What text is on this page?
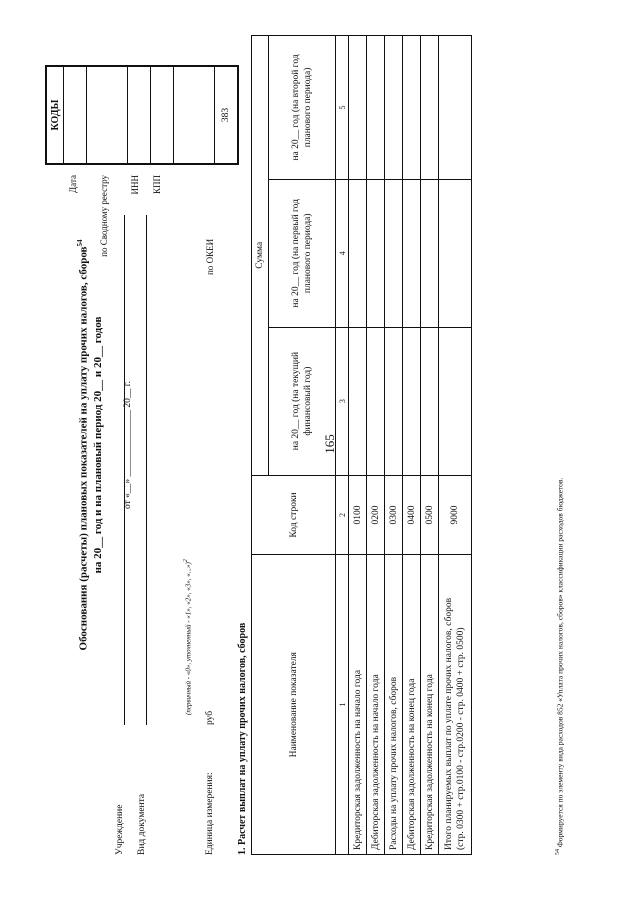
165
Обоснования (расчеты) плановых показателей на уплату прочих налогов, сборов$^{54}$
на 20__ год и на плановый период 20__ и 20__ годов от «__» ______________ 20__ г.
Дата	по Сводному реестру	ИНН	КПП
КОДЫ

383
по ОКЕИ
Учреждение Вид документа
(первичный - «0», уточненный - «1», «2», «3», «...»)$^2$
Единица измерения:
руб 1. Расчет выплат на уплату прочих налогов, сборов	Наименование показателя	Код строки	Сумма		
		на 20__ год (на текущий финансовый год)	на 20__ год (на первый год планового периода)	на 20__ год (на второй год планового периода)
1	2	3	4	5
Кредиторская задолженность на начало года	0100			
Дебиторская задолженность на начало года	0200			
Расходы на уплату прочих налогов, сборов	0300			
Дебиторская задолженность на конец года	0400			
Кредиторская задолженность на конец года	0500			
Итого планируемых выплат по уплате прочих налогов, сборов (стр. 0300 + стр.0100 - стр.0200 - стр. 0400 + стр. 0500)	9000			
$^{54}$ Формируется по элементу вида расходов 852 «Уплата прочих налогов, сборов» классификации расходов бюджетов.
